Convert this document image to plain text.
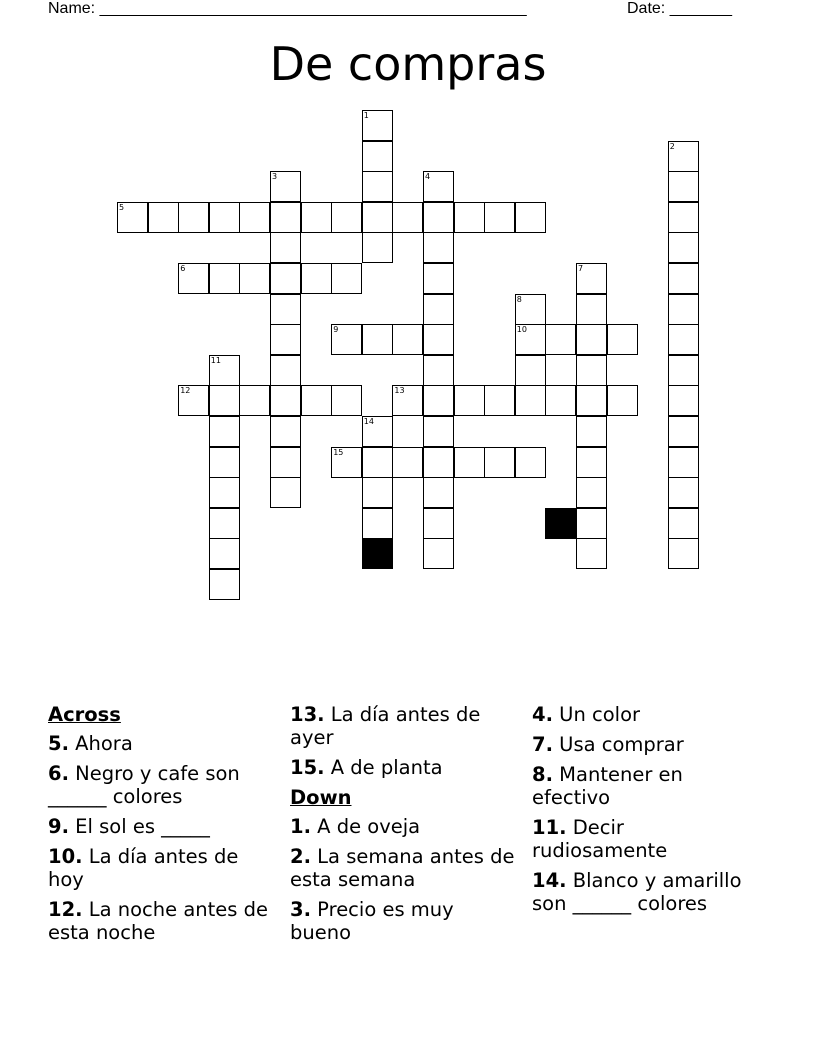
Name: ________________________________________________	Date: _______
De compras
1
2
3	4
5
6	7
8
10
9
11
12	13
14
15
Across
5. Ahora
6. Negro y cafe son ______ colores
9. El sol es _____
10. La día antes de hoy
12. La noche antes de esta noche
13. La día antes de ayer
15. A de planta
Down
1. A de oveja
2. La semana antes de esta semana
3. Precio es muy bueno
4. Un color
7. Usa comprar
8. Mantener en efectivo
11. Decir rudiosamente
14. Blanco y amarillo son ______ colores
